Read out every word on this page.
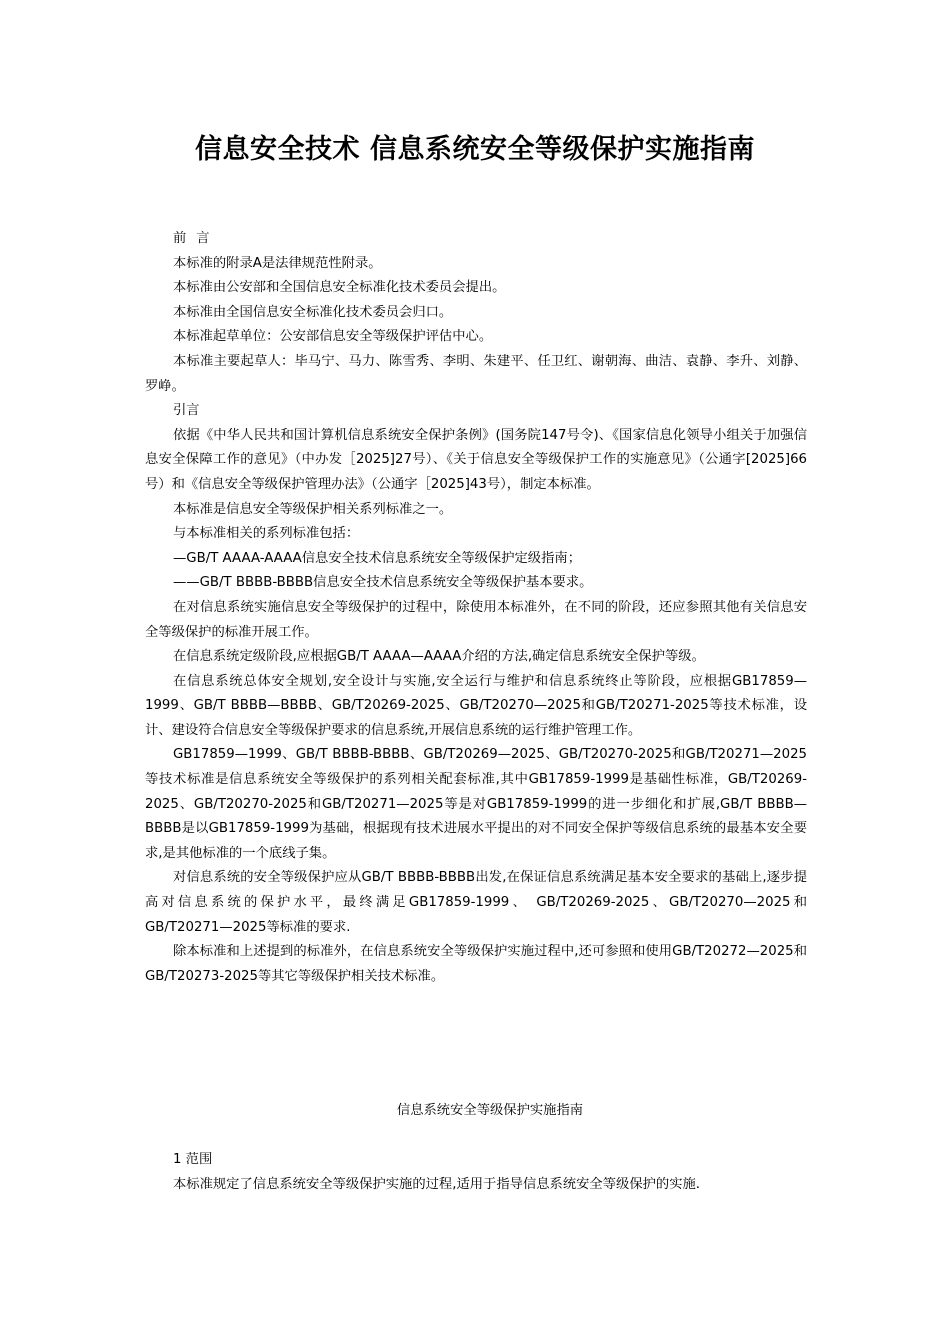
信息安全技术 信息系统安全等级保护实施指南

前言

本标准的附录A是法律规范性附录。

本标准由公安部和全国信息安全标准化技术委员会提出。

本标准由全国信息安全标准化技术委员会归口。

本标准起草单位：公安部信息安全等级保护评估中心。

本标准主要起草人：毕马宁、马力、陈雪秀、李明、朱建平、任卫红、谢朝海、曲洁、袁静、李升、刘静、罗峥。

引言

依据《中华人民共和国计算机信息系统安全保护条例》(国务院147号令)、《国家信息化领导小组关于加强信息安全保障工作的意见》（中办发［2025]27号）、《关于信息安全等级保护工作的实施意见》（公通字[2025]66号）和《信息安全等级保护管理办法》（公通字［2025]43号），制定本标准。

本标准是信息安全等级保护相关系列标准之一。

与本标准相关的系列标准包括：

—GB/T AAAA-AAAA信息安全技术信息系统安全等级保护定级指南；

——GB/T BBBB-BBBB信息安全技术信息系统安全等级保护基本要求。

在对信息系统实施信息安全等级保护的过程中，除使用本标准外，在不同的阶段，还应参照其他有关信息安全等级保护的标准开展工作。

在信息系统定级阶段,应根据GB/T AAAA—AAAA介绍的方法,确定信息系统安全保护等级。

在信息系统总体安全规划,安全设计与实施,安全运行与维护和信息系统终止等阶段，应根据GB17859—1999、GB/T BBBB—BBBB、GB/T20269-2025、GB/T20270—2025和GB/T20271-2025等技术标准，设计、建设符合信息安全等级保护要求的信息系统,开展信息系统的运行维护管理工作。

GB17859—1999、GB/T BBBB-BBBB、GB/T20269—2025、GB/T20270-2025和GB/T20271—2025等技术标准是信息系统安全等级保护的系列相关配套标准,其中GB17859-1999是基础性标准，GB/T20269-2025、GB/T20270-2025和GB/T20271—2025等是对GB17859-1999的进一步细化和扩展,GB/T BBBB—BBBB是以GB17859-1999为基础，根据现有技术进展水平提出的对不同安全保护等级信息系统的最基本安全要求,是其他标准的一个底线子集。

对信息系统的安全等级保护应从GB/T BBBB-BBBB出发,在保证信息系统满足基本安全要求的基础上,逐步提高对信息系统的保护水平，最终满足GB17859-1999、 GB/T20269-2025、GB/T20270—2025和GB/T20271—2025等标准的要求.

除本标准和上述提到的标准外，在信息系统安全等级保护实施过程中,还可参照和使用GB/T20272—2025和GB/T20273-2025等其它等级保护相关技术标准。

信息系统安全等级保护实施指南

1 范围

本标准规定了信息系统安全等级保护实施的过程,适用于指导信息系统安全等级保护的实施.
